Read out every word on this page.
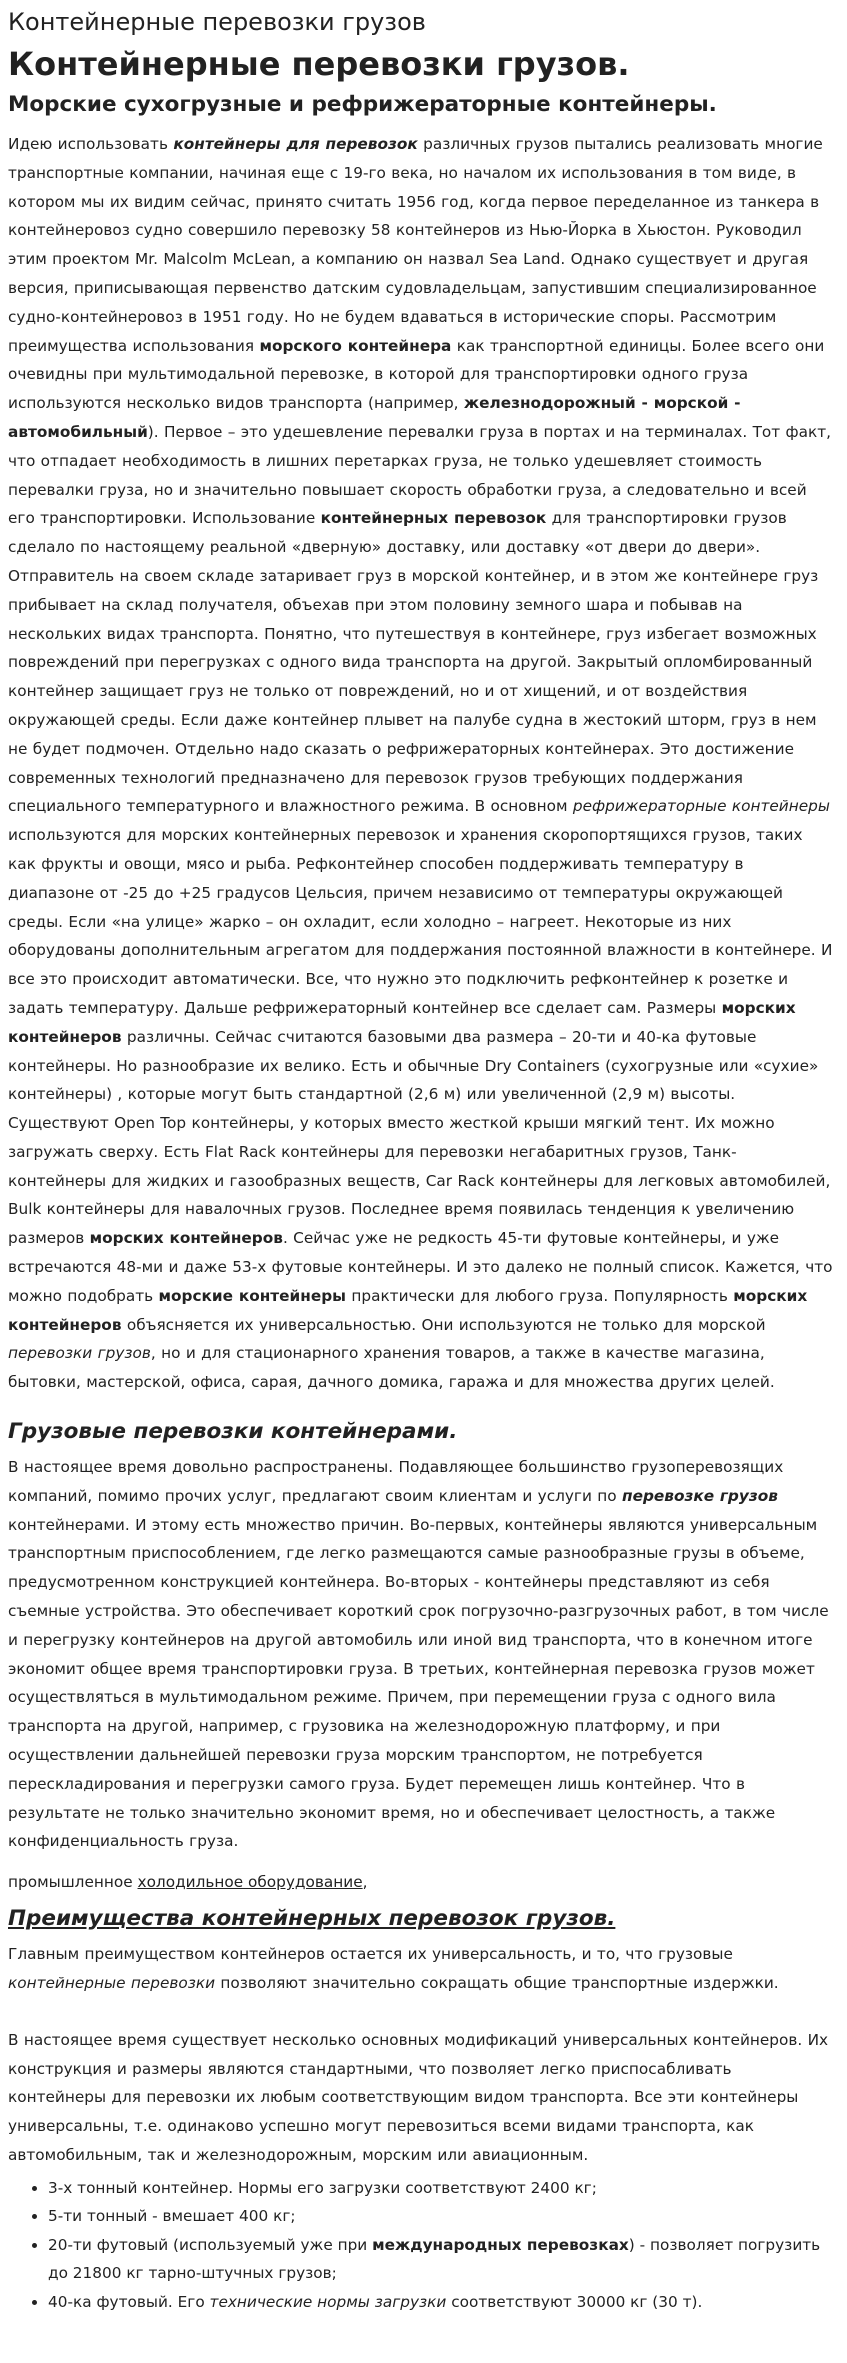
Контейнерные перевозки грузов
Контейнерные перевозки грузов.
Морские сухогрузные и рефрижераторные контейнеры.

Идею использовать контейнеры для перевозок различных грузов пытались реализовать многие транспортные компании, начиная еще с 19-го века, но началом их использования в том виде, в котором мы их видим сейчас, принято считать 1956 год, когда первое переделанное из танкера в контейнеровоз судно совершило перевозку 58 контейнеров из Нью-Йорка в Хьюстон. Руководил этим проектом Mr. Malcolm McLean, а компанию он назвал Sea Land. Однако существует и другая версия, приписывающая первенство датским судовладельцам, запустившим специализированное судно-контейнеровоз в 1951 году. Но не будем вдаваться в исторические споры. Рассмотрим преимущества использования морского контейнера как транспортной единицы. Более всего они очевидны при мультимодальной перевозке, в которой для транспортировки одного груза используются несколько видов транспорта (например, железнодорожный - морской - автомобильный). Первое – это удешевление перевалки груза в портах и на терминалах. Тот факт, что отпадает необходимость в лишних перетарках груза, не только удешевляет стоимость перевалки груза, но и значительно повышает скорость обработки груза, а следовательно и всей его транспортировки. Использование контейнерных перевозок для транспортировки грузов сделало по настоящему реальной «дверную» доставку, или доставку «от двери до двери». Отправитель на своем складе затаривает груз в морской контейнер, и в этом же контейнере груз прибывает на склад получателя, объехав при этом половину земного шара и побывав на нескольких видах транспорта. Понятно, что путешествуя в контейнере, груз избегает возможных повреждений при перегрузках с одного вида транспорта на другой. Закрытый опломбированный контейнер защищает груз не только от повреждений, но и от хищений, и от воздействия окружающей среды. Если даже контейнер плывет на палубе судна в жестокий шторм, груз в нем не будет подмочен. Отдельно надо сказать о рефрижераторных контейнерах. Это достижение современных технологий предназначено для перевозок грузов требующих поддержания специального температурного и влажностного режима. В основном рефрижераторные контейнеры используются для морских контейнерных перевозок и хранения скоропортящихся грузов, таких как фрукты и овощи, мясо и рыба. Рефконтейнер способен поддерживать температуру в диапазоне от -25 до +25 градусов Цельсия, причем независимо от температуры окружающей среды. Если «на улице» жарко – он охладит, если холодно – нагреет. Некоторые из них оборудованы дополнительным агрегатом для поддержания постоянной влажности в контейнере. И все это происходит автоматически. Все, что нужно это подключить рефконтейнер к розетке и задать температуру. Дальше рефрижераторный контейнер все сделает сам. Размеры морских контейнеров различны. Сейчас считаются базовыми два размера – 20-ти и 40-ка футовые контейнеры. Но разнообразие их велико. Есть и обычные Dry Containers (сухогрузные или «сухие» контейнеры) , которые могут быть стандартной (2,6 м) или увеличенной (2,9 м) высоты. Существуют Open Top контейнеры, у которых вместо жесткой крыши мягкий тент. Их можно загружать сверху. Есть Flat Rack контейнеры для перевозки негабаритных грузов, Танк-контейнеры для жидких и газообразных веществ, Car Rack контейнеры для легковых автомобилей, Bulk контейнеры для навалочных грузов. Последнее время появилась тенденция к увеличению размеров морских контейнеров. Сейчас уже не редкость 45-ти футовые контейнеры, и уже встречаются 48-ми и даже 53-х футовые контейнеры. И это далеко не полный список. Кажется, что можно подобрать морские контейнеры практически для любого груза. Популярность морских контейнеров объясняется их универсальностью. Они используются не только для морской перевозки грузов, но и для стационарного хранения товаров, а также в качестве магазина, бытовки, мастерской, офиса, сарая, дачного домика, гаража и для множества других целей.

Грузовые перевозки контейнерами.

В настоящее время довольно распространены. Подавляющее большинство грузоперевозящих компаний, помимо прочих услуг, предлагают своим клиентам и услуги по перевозке грузов контейнерами. И этому есть множество причин. Во-первых, контейнеры являются универсальным транспортным приспособлением, где легко размещаются самые разнообразные грузы в объеме, предусмотренном конструкцией контейнера. Во-вторых - контейнеры представляют из себя съемные устройства. Это обеспечивает короткий срок погрузочно-разгрузочных работ, в том числе и перегрузку контейнеров на другой автомобиль или иной вид транспорта, что в конечном итоге экономит общее время транспортировки груза. В третьих, контейнерная перевозка грузов может осуществляться в мультимодальном режиме. Причем, при перемещении груза с одного вила транспорта на другой, например, с грузовика на железнодорожную платформу, и при осуществлении дальнейшей перевозки груза морским транспортом, не потребуется перескладирования и перегрузки самого груза. Будет перемещен лишь контейнер. Что в результате не только значительно экономит время, но и обеспечивает целостность, а также конфиденциальность груза.

промышленное холодильное оборудование,

Преимущества контейнерных перевозок грузов.

Главным преимуществом контейнеров остается их универсальность, и то, что грузовые контейнерные перевозки позволяют значительно сокращать общие транспортные издержки.

В настоящее время существует несколько основных модификаций универсальных контейнеров. Их конструкция и размеры являются стандартными, что позволяет легко приспосабливать контейнеры для перевозки их любым соответствующим видом транспорта. Все эти контейнеры универсальны, т.е. одинаково успешно могут перевозиться всеми видами транспорта, как автомобильным, так и железнодорожным, морским или авиационным.

• 3-х тонный контейнер. Нормы его загрузки соответствуют 2400 кг;
• 5-ти тонный - вмешает 400 кг;
• 20-ти футовый (используемый уже при международных перевозках) - позволяет погрузить до 21800 кг тарно-штучных грузов;
• 40-ка футовый. Его технические нормы загрузки соответствуют 30000 кг (30 т).
